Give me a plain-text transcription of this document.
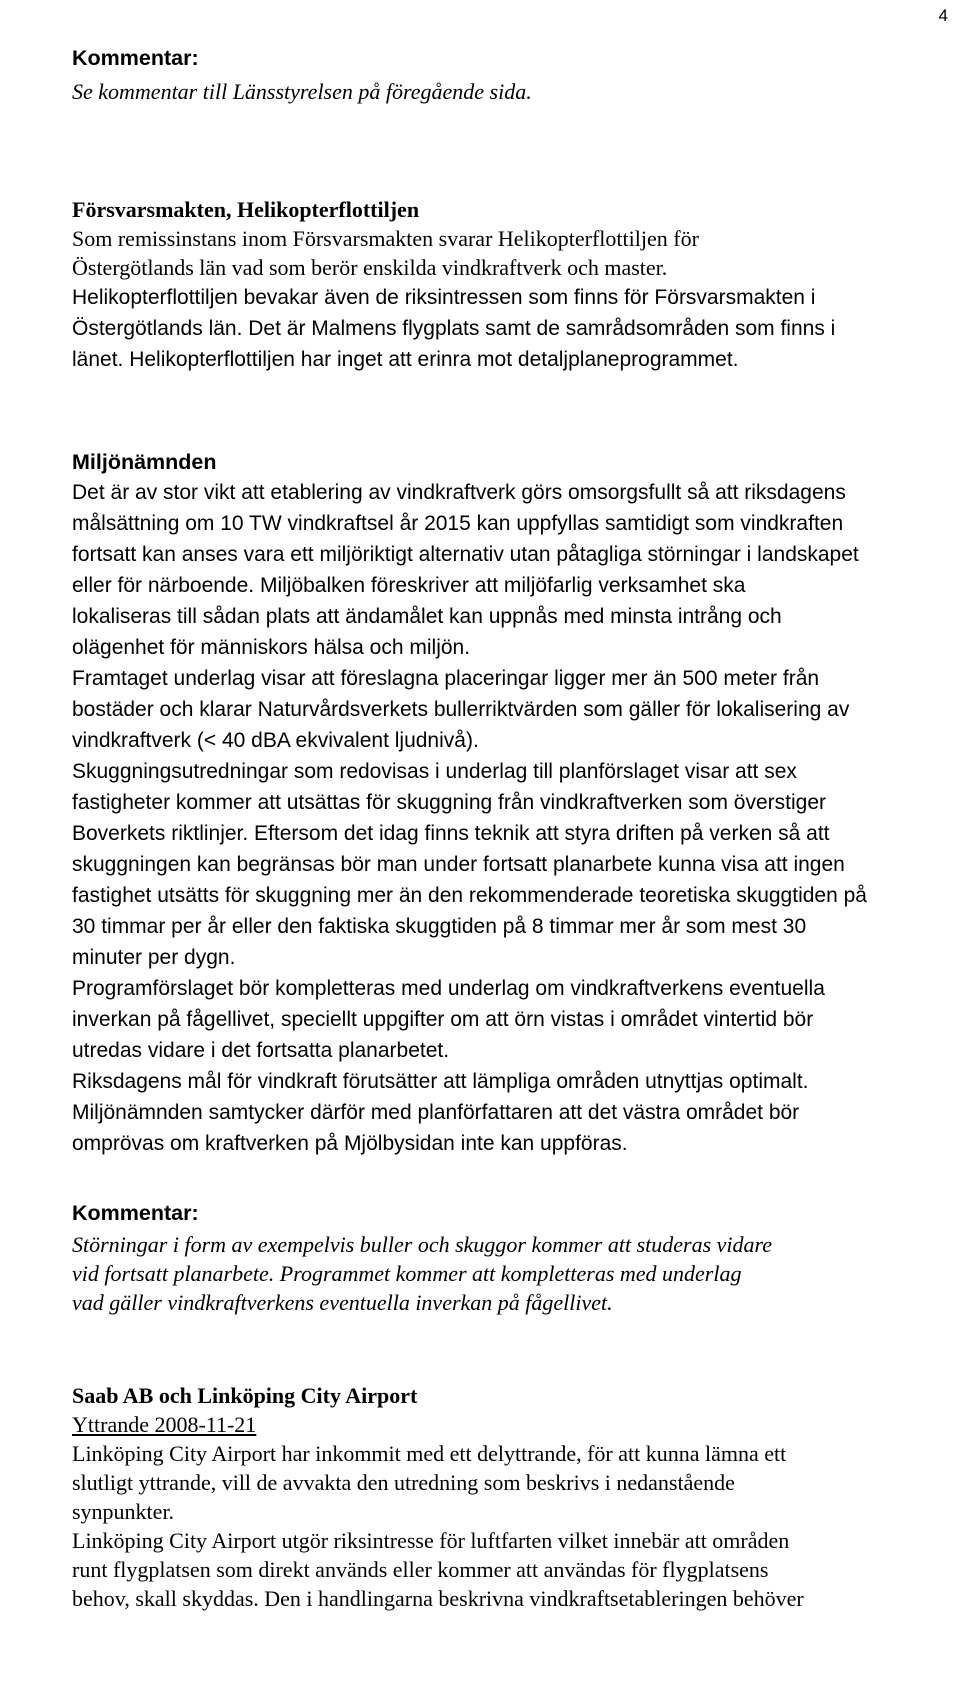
4
Kommentar:
Se kommentar till Länsstyrelsen på föregående sida.
Försvarsmakten, Helikopterflottiljen
Som remissinstans inom Försvarsmakten svarar Helikopterflottiljen för
Östergötlands län vad som berör enskilda vindkraftverk och master.
Helikopterflottiljen bevakar även de riksintressen som finns för Försvarsmakten i
Östergötlands län. Det är Malmens flygplats samt de samrådsområden som finns i
länet. Helikopterflottiljen har inget att erinra mot detaljplaneprogrammet.
Miljönämnden
Det är av stor vikt att etablering av vindkraftverk görs omsorgsfullt så att riksdagens
målsättning om 10 TW vindkraftsel år 2015 kan uppfyllas samtidigt som vindkraften
fortsatt kan anses vara ett miljöriktigt alternativ utan påtagliga störningar i landskapet
eller för närboende. Miljöbalken föreskriver att miljöfarlig verksamhet ska
lokaliseras till sådan plats att ändamålet kan uppnås med minsta intrång och
olägenhet för människors hälsa och miljön.
Framtaget underlag visar att föreslagna placeringar ligger mer än 500 meter från
bostäder och klarar Naturvårdsverkets bullerriktvärden som gäller för lokalisering av
vindkraftverk (< 40 dBA ekvivalent ljudnivå).
Skuggningsutredningar som redovisas i underlag till planförslaget visar att sex
fastigheter kommer att utsättas för skuggning från vindkraftverken som överstiger
Boverkets riktlinjer. Eftersom det idag finns teknik att styra driften på verken så att
skuggningen kan begränsas bör man under fortsatt planarbete kunna visa att ingen
fastighet utsätts för skuggning mer än den rekommenderade teoretiska skuggtiden på
30 timmar per år eller den faktiska skuggtiden på 8 timmar mer år som mest 30
minuter per dygn.
Programförslaget bör kompletteras med underlag om vindkraftverkens eventuella
inverkan på fågellivet, speciellt uppgifter om att örn vistas i området vintertid bör
utredas vidare i det fortsatta planarbetet.
Riksdagens mål för vindkraft förutsätter att lämpliga områden utnyttjas optimalt.
Miljönämnden samtycker därför med planförfattaren att det västra området bör
omprövas om kraftverken på Mjölbysidan inte kan uppföras.
Kommentar:
Störningar i form av exempelvis buller och skuggor kommer att studeras vidare
vid fortsatt planarbete. Programmet kommer att kompletteras med underlag
vad gäller vindkraftverkens eventuella inverkan på fågellivet.
Saab AB och Linköping City Airport
Yttrande 2008-11-21
Linköping City Airport har inkommit med ett delyttrande, för att kunna lämna ett
slutligt yttrande, vill de avvakta den utredning som beskrivs i nedanstående
synpunkter.
Linköping City Airport utgör riksintresse för luftfarten vilket innebär att områden
runt flygplatsen som direkt används eller kommer att användas för flygplatsens
behov, skall skyddas. Den i handlingarna beskrivna vindkraftsetableringen behöver
